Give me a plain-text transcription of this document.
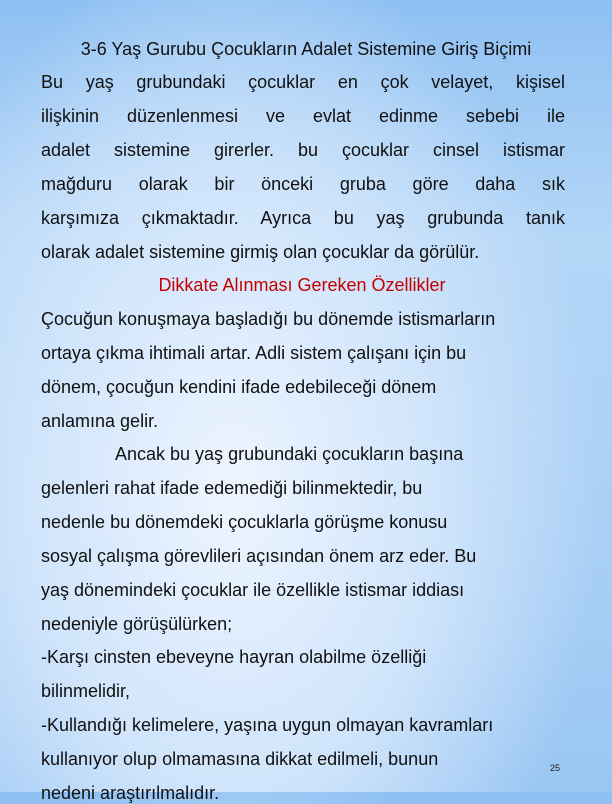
3-6 Yaş Gurubu Çocukların Adalet Sistemine Giriş Biçimi
Bu yaş grubundaki çocuklar en çok velayet, kişisel
ilişkinin düzenlenmesi ve evlat edinme sebebi ile
adalet sistemine girerler. bu çocuklar cinsel istismar
mağduru olarak bir önceki gruba göre daha sık
karşımıza çıkmaktadır. Ayrıca bu yaş grubunda tanık
olarak adalet sistemine girmiş olan çocuklar da görülür.
Dikkate Alınması Gereken Özellikler
Çocuğun konuşmaya başladığı bu dönemde istismarların
ortaya çıkma ihtimali artar. Adli sistem çalışanı için bu
dönem, çocuğun kendini ifade edebileceği dönem
anlamına gelir.
Ancak bu yaş grubundaki çocukların başına
gelenleri rahat ifade edemediği bilinmektedir, bu
nedenle bu dönemdeki çocuklarla görüşme konusu
sosyal çalışma görevlileri açısından önem arz eder. Bu
yaş dönemindeki çocuklar ile özellikle istismar iddiası
nedeniyle görüşülürken;
-Karşı cinsten ebeveyne hayran olabilme özelliği
bilinmelidir,
-Kullandığı kelimelere, yaşına uygun olmayan kavramları
kullanıyor olup olmamasına dikkat edilmeli, bunun
nedeni araştırılmalıdır.
25
